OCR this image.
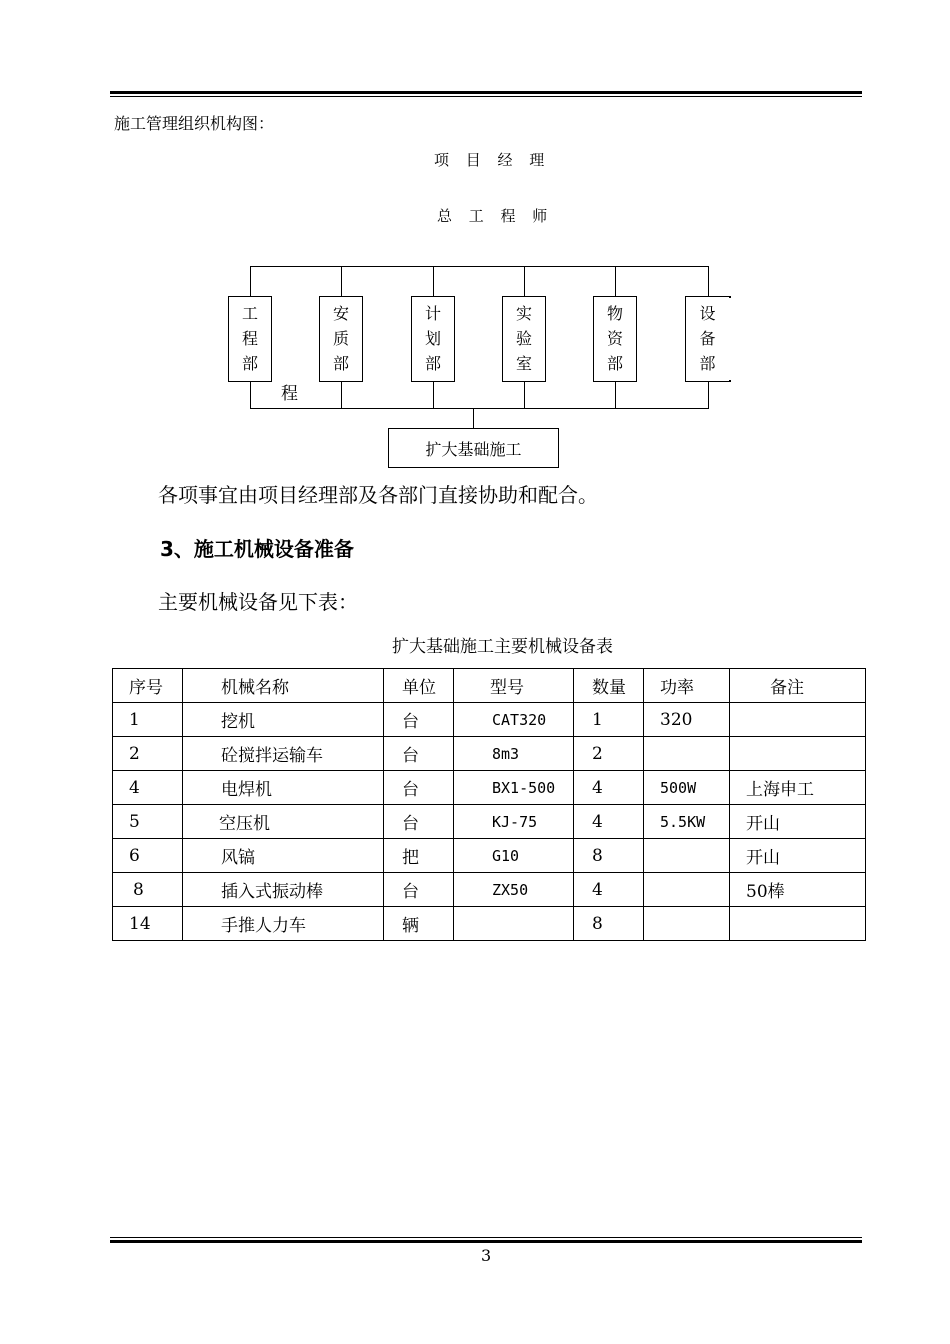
施工管理组织机构图：
项 目 经 理
总 工 程 师
工
程
部
安
质
部
计
划
部
实
验
室
物
资
部
设
备
部
程
扩大基础施工
各项事宜由项目经理部及各部门直接协助和配合。
3、施工机械设备准备
主要机械设备见下表：
扩大基础施工主要机械设备表
序号	机械名称	单位	型号	数量	功率	备注
1	挖机	台	CAT320	1	320	
2	砼搅拌运输车	台	8m3	2		
4	电焊机	台	BX1-500	4	500W	上海申工
5	空压机	台	KJ-75	4	5.5KW	开山
6	风镐	把	G10	8		开山
8	插入式振动棒	台	ZX50	4		50棒
14	手推人力车	辆		8		
3
